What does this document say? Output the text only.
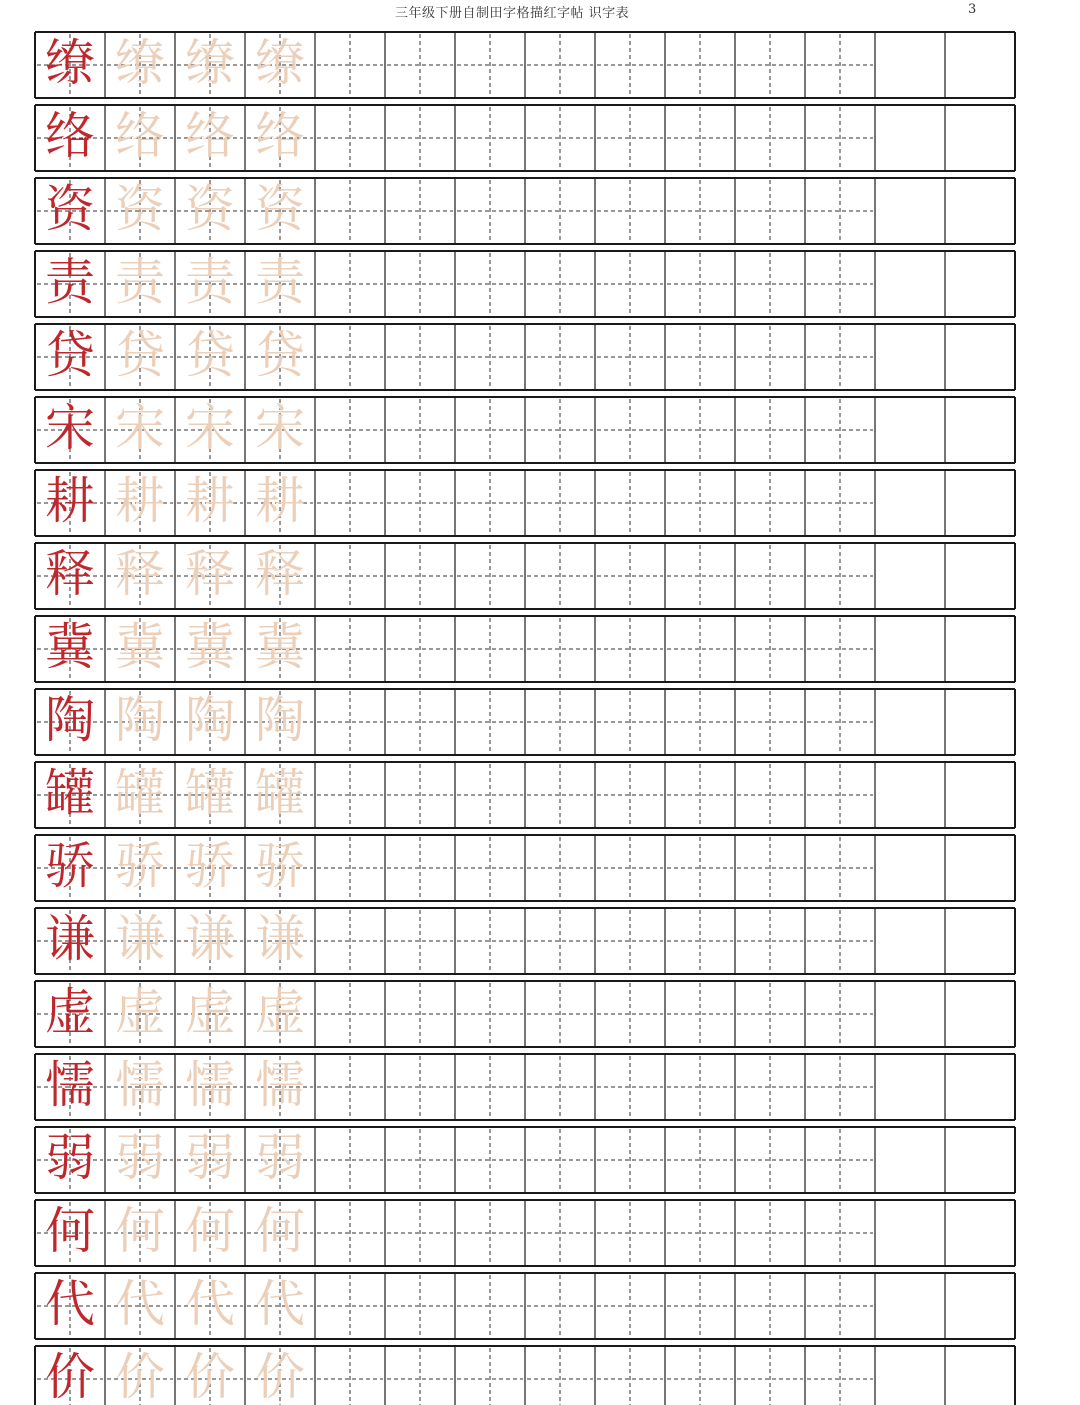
三年级下册自制田字格描红字帖 识字表	3
缭 缭 缭 缭
络 络 络 络
资 资 资 资
责 责 责 责
贷 贷 贷 贷
宋 宋 宋 宋
耕 耕 耕 耕
释 释 释 释
冀 冀 冀 冀
陶 陶 陶 陶
罐 罐 罐 罐
骄 骄 骄 骄
谦 谦 谦 谦
虚 虚 虚 虚
懦 懦 懦 懦
弱 弱 弱 弱
何 何 何 何
代 代 代 代
价 价 价 价
